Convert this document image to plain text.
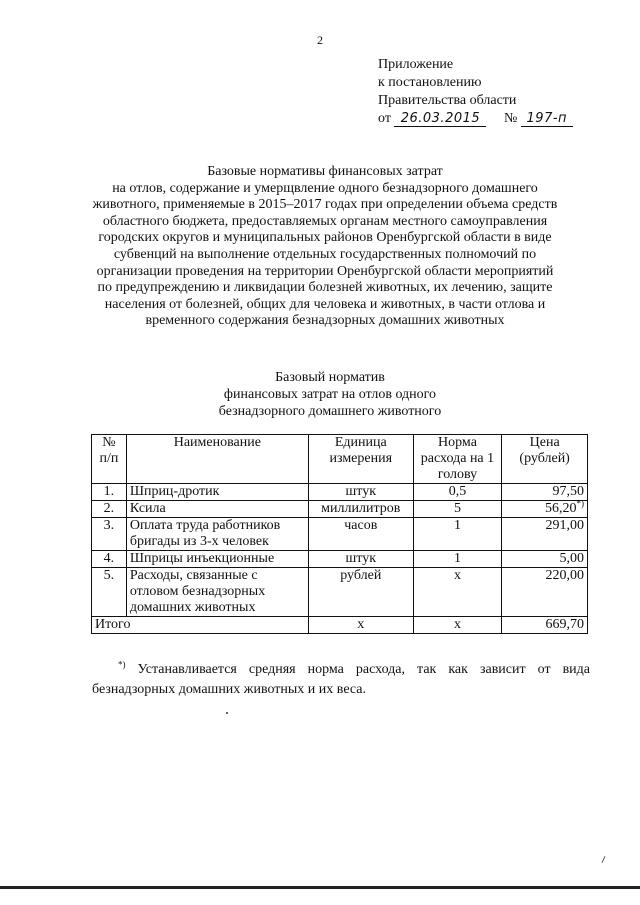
2
Приложение
к постановлению
Правительства области
от 26.03.2015 № 197-п
Базовые нормативы финансовых затрат
на отлов, содержание и умерщвление одного безнадзорного домашнего
животного, применяемые в 2015–2017 годах при определении объема средств
областного бюджета, предоставляемых органам местного самоуправления
городских округов и муниципальных районов Оренбургской области в виде
субвенций на выполнение отдельных государственных полномочий по
организации проведения на территории Оренбургской области мероприятий
по предупреждению и ликвидации болезней животных, их лечению, защите
населения от болезней, общих для человека и животных, в части отлова и
временного содержания безнадзорных домашних животных
Базовый норматив
финансовых затрат на отлов одного
безнадзорного домашнего животного
№ п/п	Наименование	Единица измерения	Норма расхода на 1 голову	Цена (рублей)
1.	Шприц-дротик	штук	0,5	97,50
2.	Ксила	миллилитров	5	56,20*)
3.	Оплата труда работников бригады из 3-х человек	часов	1	291,00
4.	Шприцы инъекционные	штук	1	5,00
5.	Расходы, связанные с отловом безнадзорных домашних животных	рублей	х	220,00
Итого		х	х	669,70
*) Устанавливается средняя норма расхода, так как зависит от вида
безнадзорных домашних животных и их веса.
